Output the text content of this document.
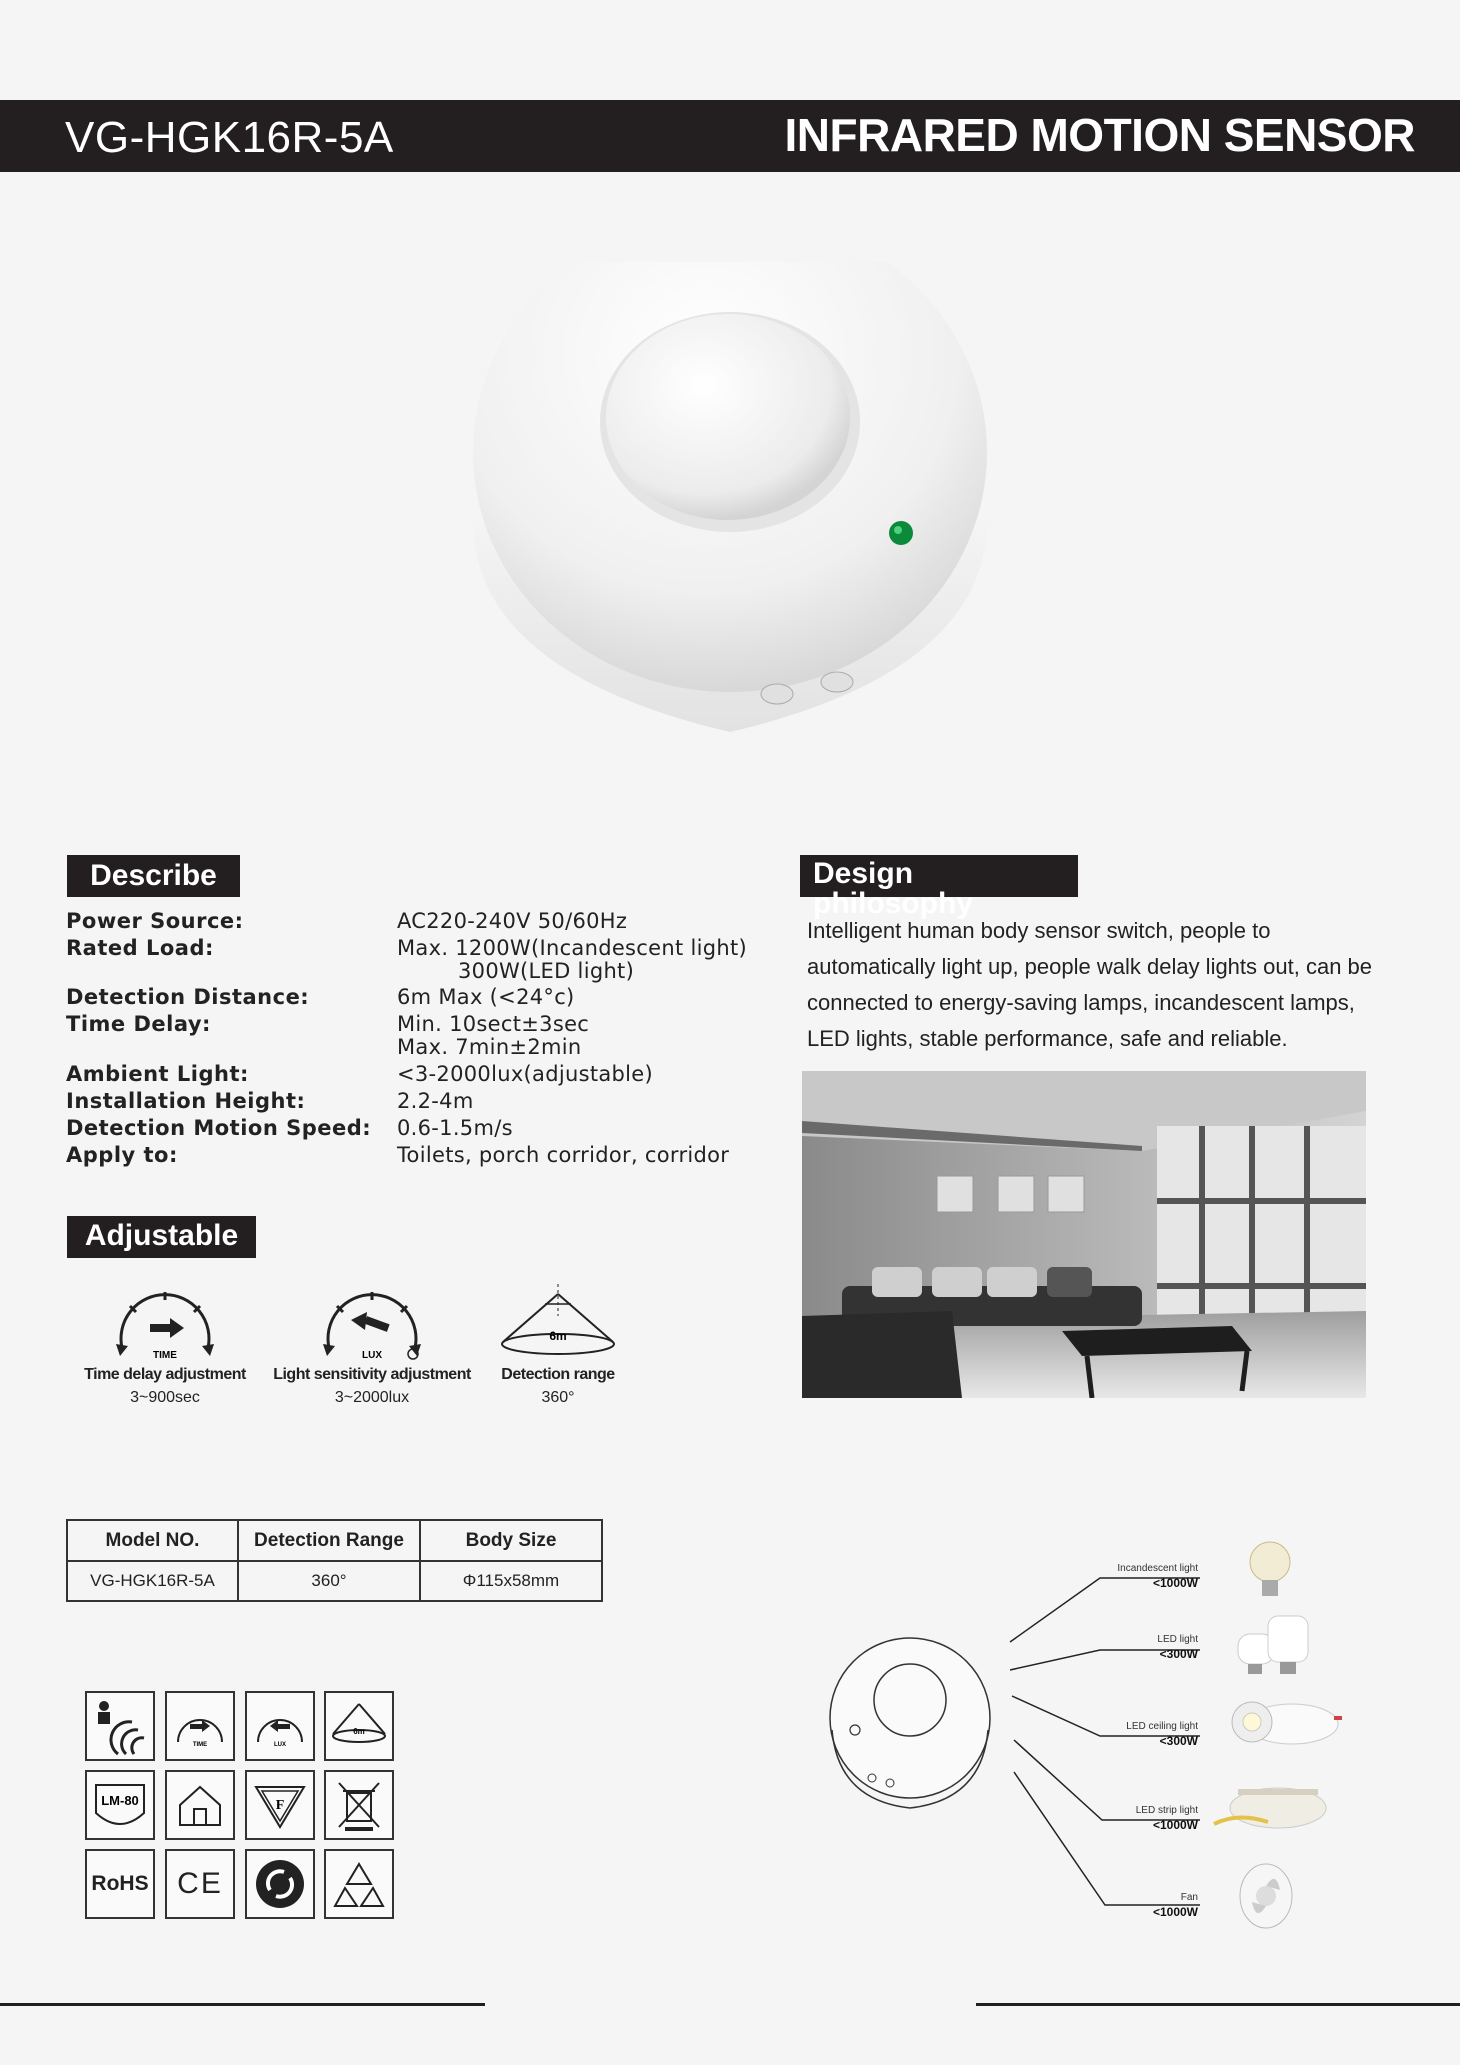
VG-HGK16R-5A	INFRARED MOTION SENSOR
Describe
Power Source:	AC220-240V 50/60Hz
Rated Load:	Max. 1200W(Incandescent light)
300W(LED light)
Detection Distance:	6m Max (<24°c)
Time Delay:	Min. 10sect±3sec
Max. 7min±2min
Ambient Light:	<3-2000lux(adjustable)
Installation Height:	2.2-4m
Detection Motion Speed: 0.6-1.5m/s
Apply to:	Toilets, porch corridor, corridor
Design philosophy
Intelligent human body sensor switch, people to
automatically light up, people walk delay lights out, can be
connected to energy-saving lamps, incandescent lamps,
LED lights, stable performance, safe and reliable.
Adjustable
TIME
Time delay adjustment
3~900sec
LUX
Light sensitivity adjustment
3~2000lux
6m
Detection range
360°
Model NO.	Detection Range	Body Size
VG-HGK16R-5A	360°	Φ115x58mm
TIME	LUX
6m
LM-80	F
RoHS CE
Incandescent light
<1000W
LED light
<300W
LED ceiling light
<300W
LED strip light
<1000W
Fan
<1000W
